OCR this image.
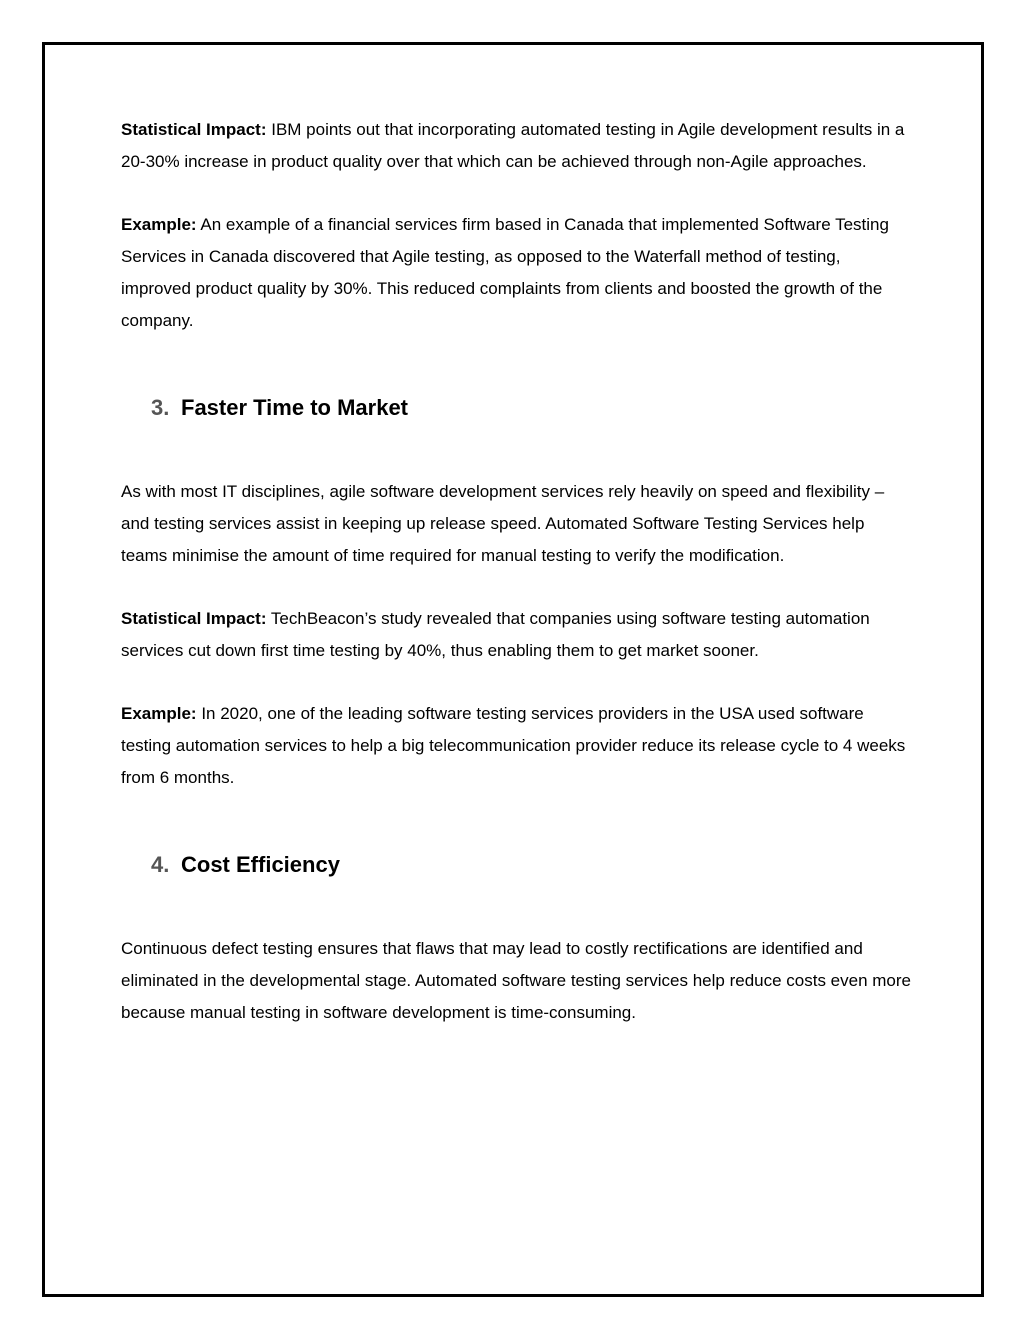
Statistical Impact: IBM points out that incorporating automated testing in Agile development results in a 20-30% increase in product quality over that which can be achieved through non-Agile approaches.

Example: An example of a financial services firm based in Canada that implemented Software Testing Services in Canada discovered that Agile testing, as opposed to the Waterfall method of testing, improved product quality by 30%. This reduced complaints from clients and boosted the growth of the company.

3. Faster Time to Market

As with most IT disciplines, agile software development services rely heavily on speed and flexibility – and testing services assist in keeping up release speed. Automated Software Testing Services help teams minimise the amount of time required for manual testing to verify the modification.

Statistical Impact: TechBeacon’s study revealed that companies using software testing automation services cut down first time testing by 40%, thus enabling them to get market sooner.

Example: In 2020, one of the leading software testing services providers in the USA used software testing automation services to help a big telecommunication provider reduce its release cycle to 4 weeks from 6 months.

4. Cost Efficiency

Continuous defect testing ensures that flaws that may lead to costly rectifications are identified and eliminated in the developmental stage. Automated software testing services help reduce costs even more because manual testing in software development is time-consuming.
